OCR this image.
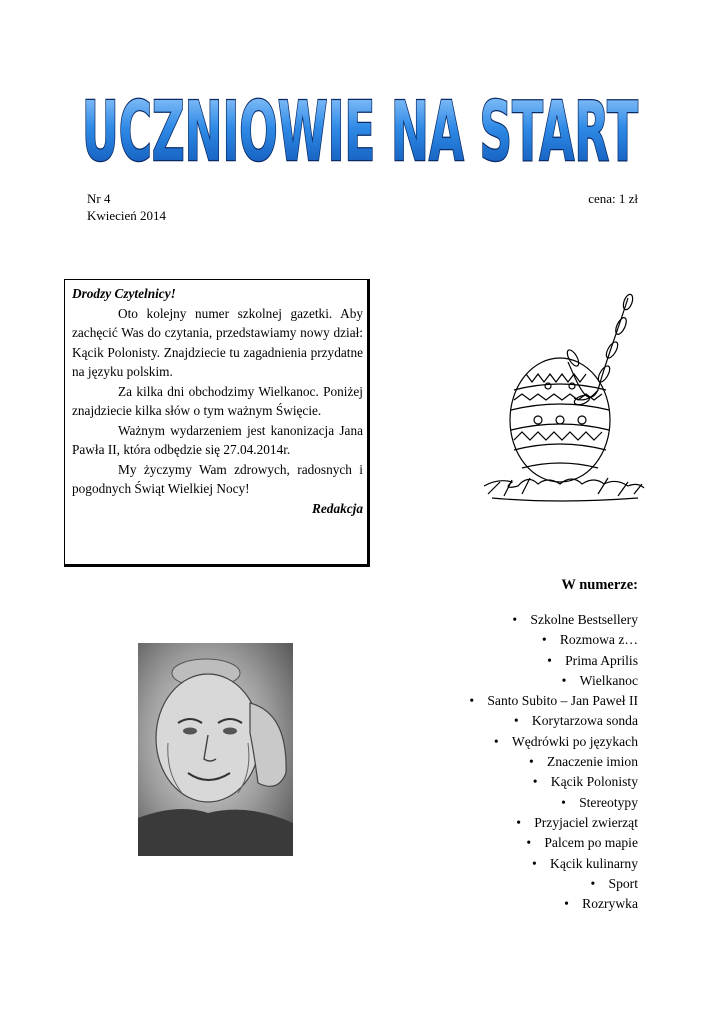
UCZNIOWIE NA START
Nr 4
Kwiecień 2014
cena: 1 zł

Drodzy Czytelnicy!

Oto kolejny numer szkolnej gazetki. Aby zachęcić Was do czytania, przedstawiamy nowy dział: Kącik Polonisty. Znajdziecie tu zagadnienia przydatne na języku polskim.

Za kilka dni obchodzimy Wielkanoc. Poniżej znajdziecie kilka słów o tym ważnym Święcie.

Ważnym wydarzeniem jest kanonizacja Jana Pawła II, która odbędzie się 27.04.2014r.

My życzymy Wam zdrowych, radosnych i pogodnych Świąt Wielkiej Nocy!

Redakcja

W numerze:
• Szkolne Bestsellery
• Rozmowa z…
• Prima Aprilis
• Wielkanoc
• Santo Subito – Jan Paweł II
• Korytarzowa sonda
• Wędrówki po językach
• Znaczenie imion
• Kącik Polonisty
• Stereotypy
• Przyjaciel zwierząt
• Palcem po mapie
• Kącik kulinarny
• Sport
• Rozrywka
